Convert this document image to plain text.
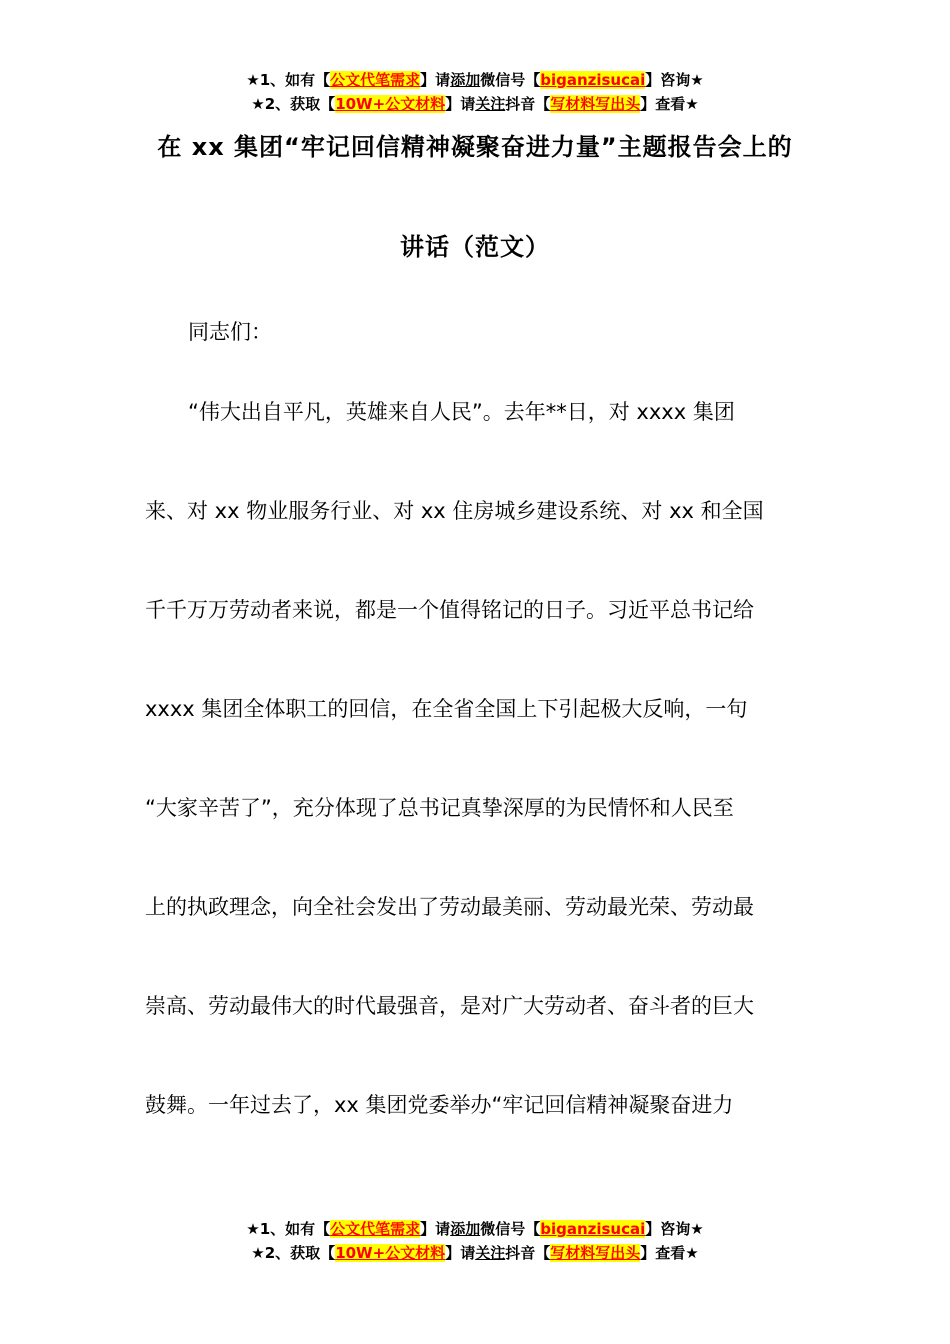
★1、如有【公文代笔需求】请添加微信号【biganzisucai】咨询★
★2、获取【10W+公文材料】请关注抖音【写材料写出头】查看★
在 xx 集团“牢记回信精神凝聚奋进力量”主题报告会上的
讲话（范文）
同志们：
“伟大出自平凡，英雄来自人民”。去年**日，对 xxxx 集团
来、对 xx 物业服务行业、对 xx 住房城乡建设系统、对 xx 和全国
千千万万劳动者来说，都是一个值得铭记的日子。习近平总书记给
xxxx 集团全体职工的回信，在全省全国上下引起极大反响，一句
“大家辛苦了”，充分体现了总书记真挚深厚的为民情怀和人民至
上的执政理念，向全社会发出了劳动最美丽、劳动最光荣、劳动最
崇高、劳动最伟大的时代最强音，是对广大劳动者、奋斗者的巨大
鼓舞。一年过去了，xx 集团党委举办“牢记回信精神凝聚奋进力
★1、如有【公文代笔需求】请添加微信号【biganzisucai】咨询★
★2、获取【10W+公文材料】请关注抖音【写材料写出头】查看★
